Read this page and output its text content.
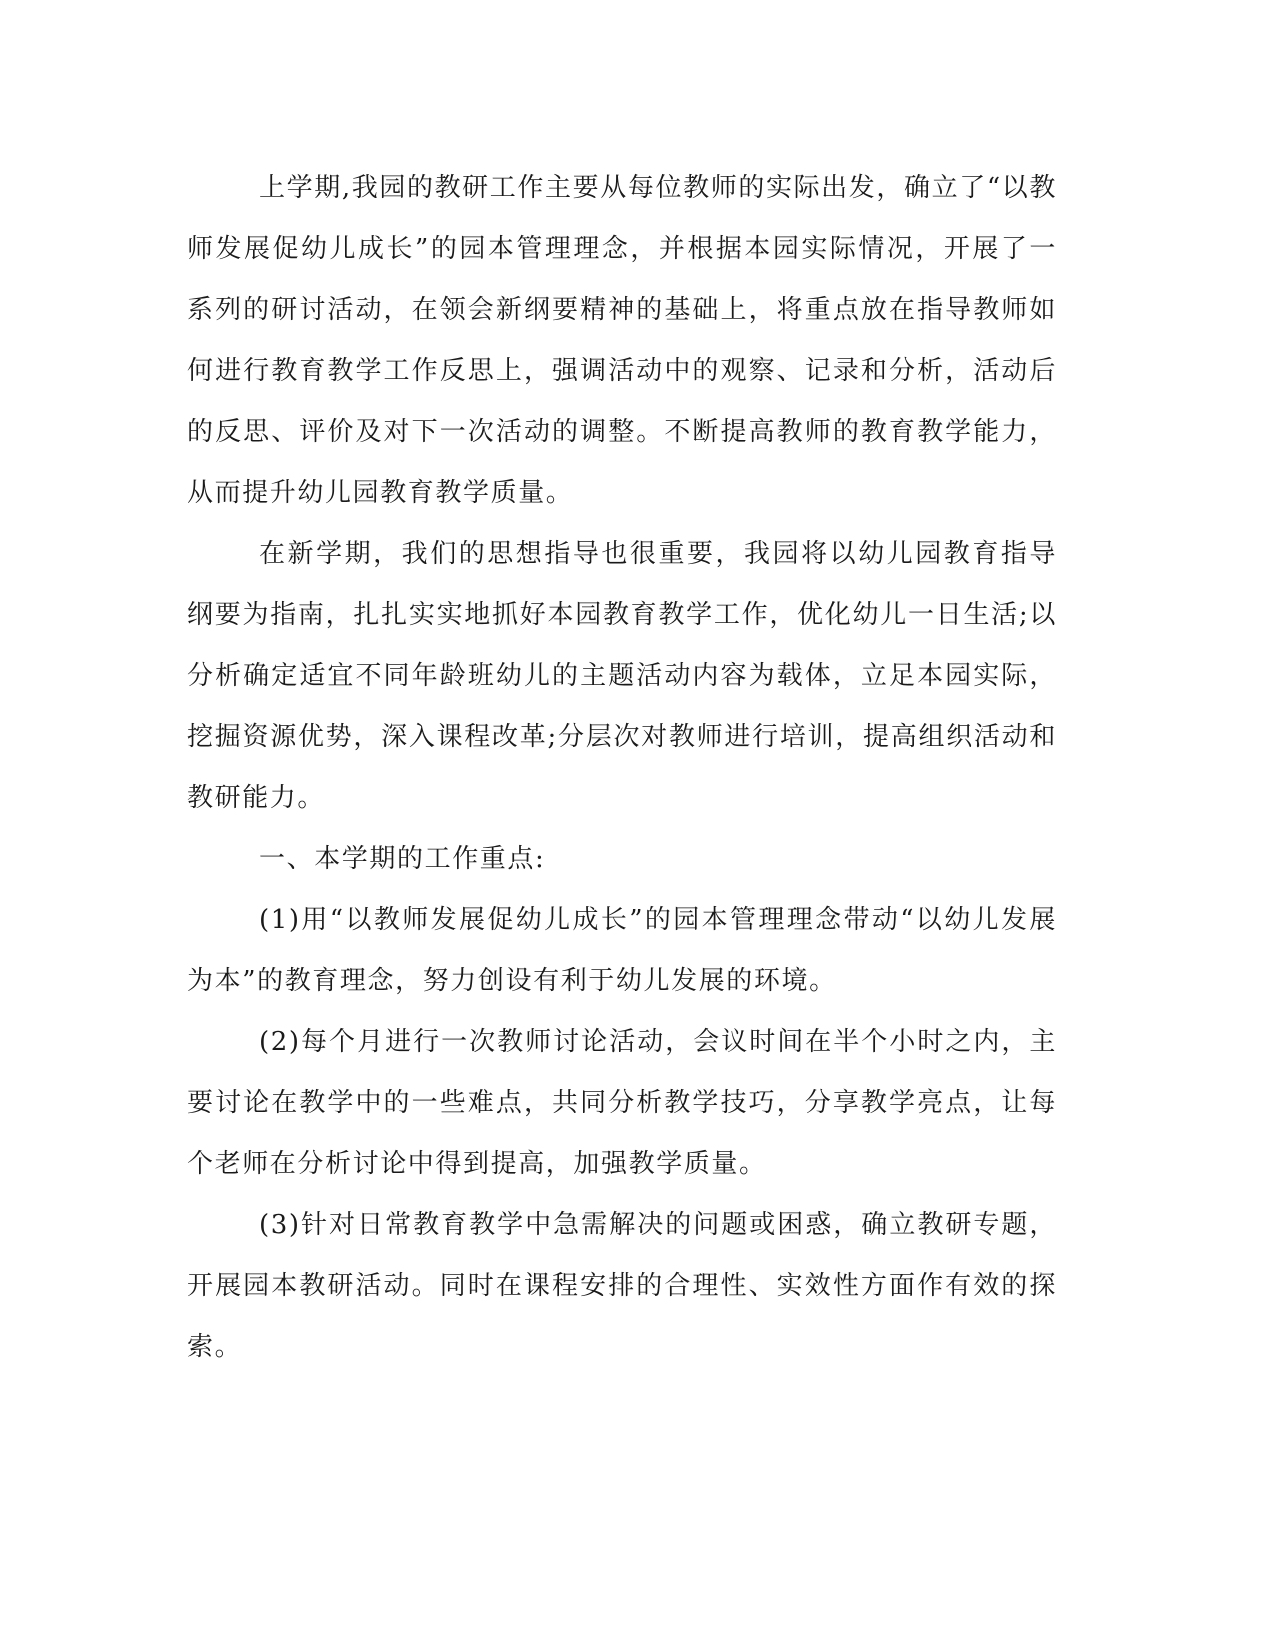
上学期,我园的教研工作主要从每位教师的实际出发，确立了“以教师发展促幼儿成长”的园本管理理念，并根据本园实际情况，开展了一系列的研讨活动，在领会新纲要精神的基础上，将重点放在指导教师如何进行教育教学工作反思上，强调活动中的观察、记录和分析，活动后的反思、评价及对下一次活动的调整。不断提高教师的教育教学能力，从而提升幼儿园教育教学质量。

在新学期，我们的思想指导也很重要，我园将以幼儿园教育指导纲要为指南，扎扎实实地抓好本园教育教学工作，优化幼儿一日生活;以分析确定适宜不同年龄班幼儿的主题活动内容为载体，立足本园实际，挖掘资源优势，深入课程改革;分层次对教师进行培训，提高组织活动和教研能力。

一、本学期的工作重点:

(1)用“以教师发展促幼儿成长”的园本管理理念带动“以幼儿发展为本”的教育理念，努力创设有利于幼儿发展的环境。

(2)每个月进行一次教师讨论活动，会议时间在半个小时之内，主要讨论在教学中的一些难点，共同分析教学技巧，分享教学亮点，让每个老师在分析讨论中得到提高，加强教学质量。

(3)针对日常教育教学中急需解决的问题或困惑，确立教研专题，开展园本教研活动。同时在课程安排的合理性、实效性方面作有效的探索。
